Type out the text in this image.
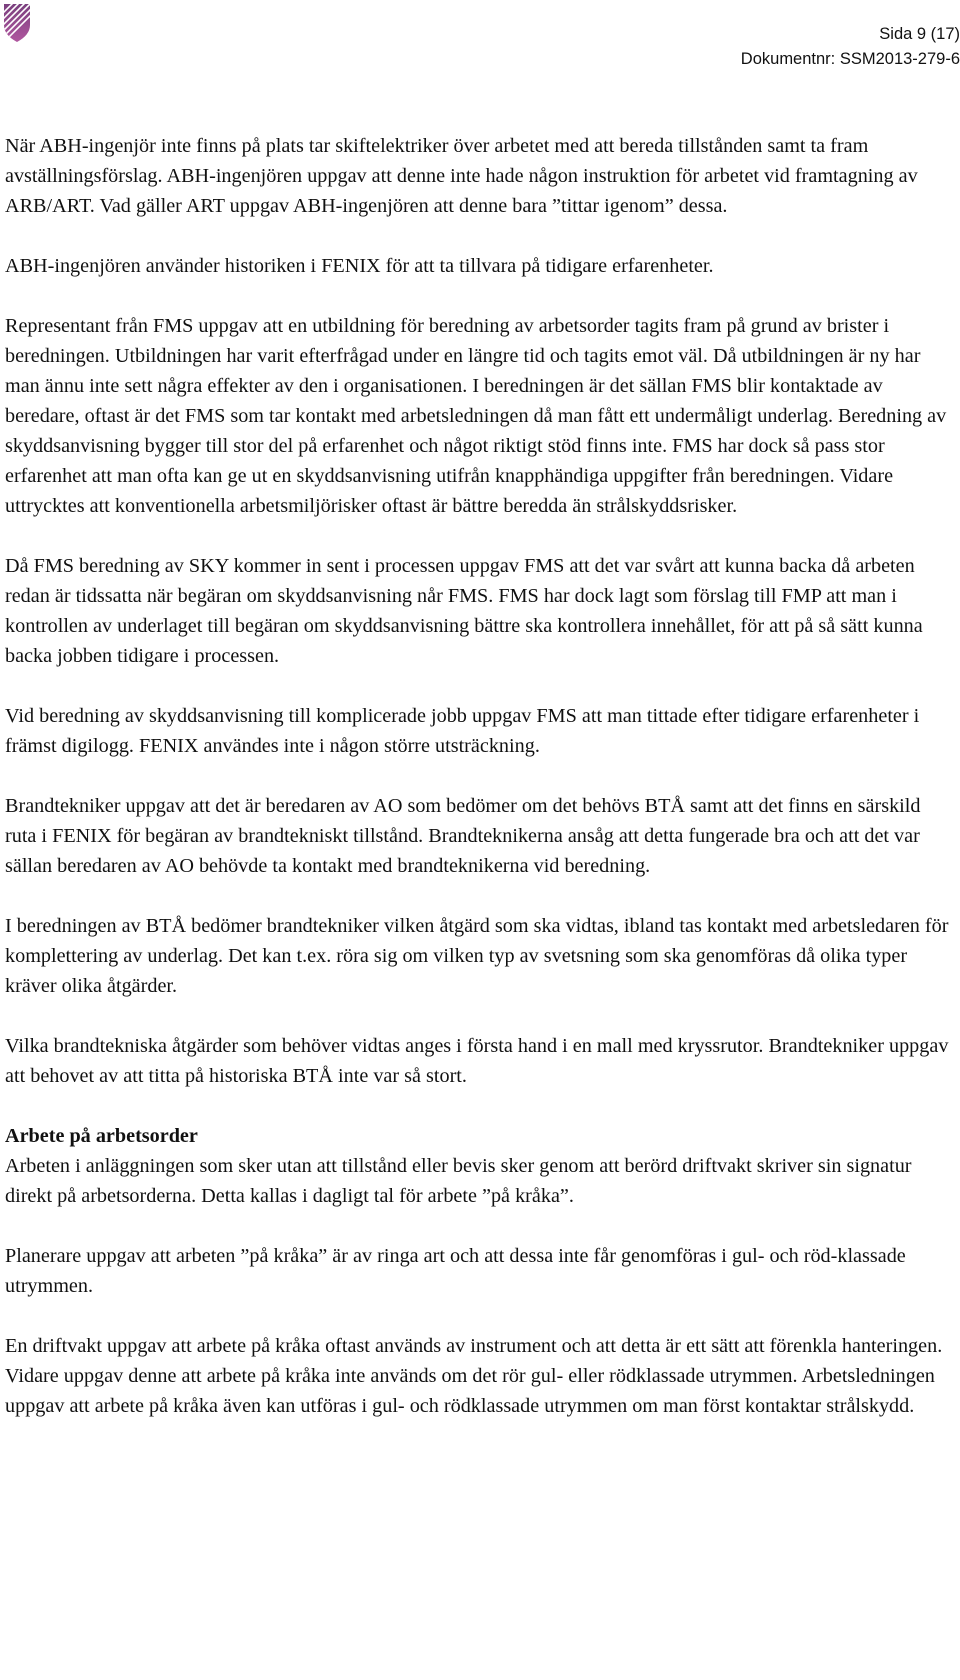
Sida 9 (17)
Dokumentnr: SSM2013-279-6

När ABH-ingenjör inte finns på plats tar skiftelektriker över arbetet med att bereda tillstånden samt ta fram avställningsförslag. ABH-ingenjören uppgav att denne inte hade någon instruktion för arbetet vid framtagning av ARB/ART. Vad gäller ART uppgav ABH-ingenjören att denne bara ”tittar igenom” dessa.

ABH-ingenjören använder historiken i FENIX för att ta tillvara på tidigare erfarenheter.

Representant från FMS uppgav att en utbildning för beredning av arbetsorder tagits fram på grund av brister i beredningen. Utbildningen har varit efterfrågad under en längre tid och tagits emot väl. Då utbildningen är ny har man ännu inte sett några effekter av den i organisationen. I beredningen är det sällan FMS blir kontaktade av beredare, oftast är det FMS som tar kontakt med arbetsledningen då man fått ett undermåligt underlag. Beredning av skyddsanvisning bygger till stor del på erfarenhet och något riktigt stöd finns inte. FMS har dock så pass stor erfarenhet att man ofta kan ge ut en skyddsanvisning utifrån knapphändiga uppgifter från beredningen. Vidare uttrycktes att konventionella arbetsmiljörisker oftast är bättre beredda än strålskyddsrisker.

Då FMS beredning av SKY kommer in sent i processen uppgav FMS att det var svårt att kunna backa då arbeten redan är tidssatta när begäran om skyddsanvisning når FMS. FMS har dock lagt som förslag till FMP att man i kontrollen av underlaget till begäran om skyddsanvisning bättre ska kontrollera innehållet, för att på så sätt kunna backa jobben tidigare i processen.

Vid beredning av skyddsanvisning till komplicerade jobb uppgav FMS att man tittade efter tidigare erfarenheter i främst digilogg. FENIX användes inte i någon större utsträckning.

Brandtekniker uppgav att det är beredaren av AO som bedömer om det behövs BTÅ samt att det finns en särskild ruta i FENIX för begäran av brandtekniskt tillstånd. Brandteknikerna ansåg att detta fungerade bra och att det var sällan beredaren av AO behövde ta kontakt med brandteknikerna vid beredning.

I beredningen av BTÅ bedömer brandtekniker vilken åtgärd som ska vidtas, ibland tas kontakt med arbetsledaren för komplettering av underlag. Det kan t.ex. röra sig om vilken typ av svetsning som ska genomföras då olika typer kräver olika åtgärder.

Vilka brandtekniska åtgärder som behöver vidtas anges i första hand i en mall med kryssrutor. Brandtekniker uppgav att behovet av att titta på historiska BTÅ inte var så stort.

Arbete på arbetsorder

Arbeten i anläggningen som sker utan att tillstånd eller bevis sker genom att berörd driftvakt skriver sin signatur direkt på arbetsorderna. Detta kallas i dagligt tal för arbete ”på kråka”.

Planerare uppgav att arbeten ”på kråka” är av ringa art och att dessa inte får genomföras i gul- och röd-klassade utrymmen.

En driftvakt uppgav att arbete på kråka oftast används av instrument och att detta är ett sätt att förenkla hanteringen. Vidare uppgav denne att arbete på kråka inte används om det rör gul- eller rödklassade utrymmen. Arbetsledningen uppgav att arbete på kråka även kan utföras i gul- och rödklassade utrymmen om man först kontaktar strålskydd.
